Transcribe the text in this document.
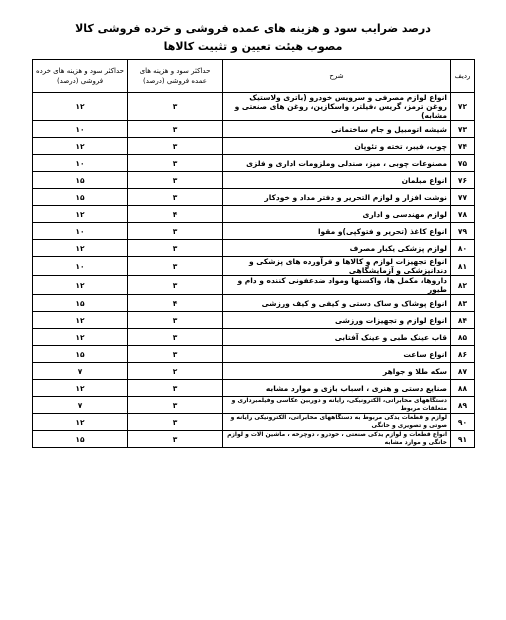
درصد ضرایب سود و هزینه های عمده فروشی و خرده فروشی کالا
مصوب هیئت تعیین و تثبیت کالاها
ردیف	شرح	حداکثر سود و هزینه های عمده فروشی (درصد)	حداکثر سود و هزینه های خرده فروشی (درصد)
۷۲	انواع لوازم مصرفی و سرویس خودرو (باتری ولاستیک روغن ترمز، گریس ،فیلتر، واسکازین، روغن های صنعتی و مشابه)	۳	۱۲
۷۳	شیشه اتومبیل و جام ساختمانی	۳	۱۰
۷۴	چوب، فیبر، تخته و تئوپان	۳	۱۲
۷۵	مصنوعات چوبی ، میز، صندلی وملزومات اداری و فلزی	۳	۱۰
۷۶	انواع مبلمان	۳	۱۵
۷۷	نوشت افزار و لوازم التحریر و دفتر مداد و خودکار	۳	۱۵
۷۸	لوازم مهندسی و اداری	۴	۱۲
۷۹	انواع کاغذ (تحریر و فتوکپی)و مقوا	۳	۱۰
۸۰	لوازم پزشکی یکبار مصرف	۳	۱۲
۸۱	انواع تجهیزات لوازم و کالاها و فرآورده های پزشکی و دندانپزشکی و آزمایشگاهی	۳	۱۰
۸۲	داروها، مکمل ها، واکسنها ومواد ضدعفونی کننده و دام و طیور	۳	۱۲
۸۳	انواع پوشاک و ساک دستی و کیفی و کیف ورزشی	۴	۱۵
۸۴	انواع لوازم و تجهیزات ورزشی	۳	۱۲
۸۵	قاب عینک طبی و عینک آفتابی	۳	۱۲
۸۶	انواع ساعت	۳	۱۵
۸۷	سکه طلا و جواهر	۲	۷
۸۸	صنایع دستی و هنری ، اسباب بازی و موارد مشابه	۳	۱۲
۸۹	دستگاههای مخابراتی، الکترونیکی، رایانه و دوربین عکاسی وفیلمبرداری و متعلقات مربوط	۳	۷
۹۰	لوازم و قطعات یدکی مربوط به دستگاههای مخابراتی، الکترونیکی رایانه و صوتی و تصویری و خانگی	۳	۱۲
۹۱	انواع قطعات و لوازم یدکی صنعتی ، خودرو ، دوچرخه ، ماشین آلات و لوازم خانگی و موارد مشابه	۳	۱۵
